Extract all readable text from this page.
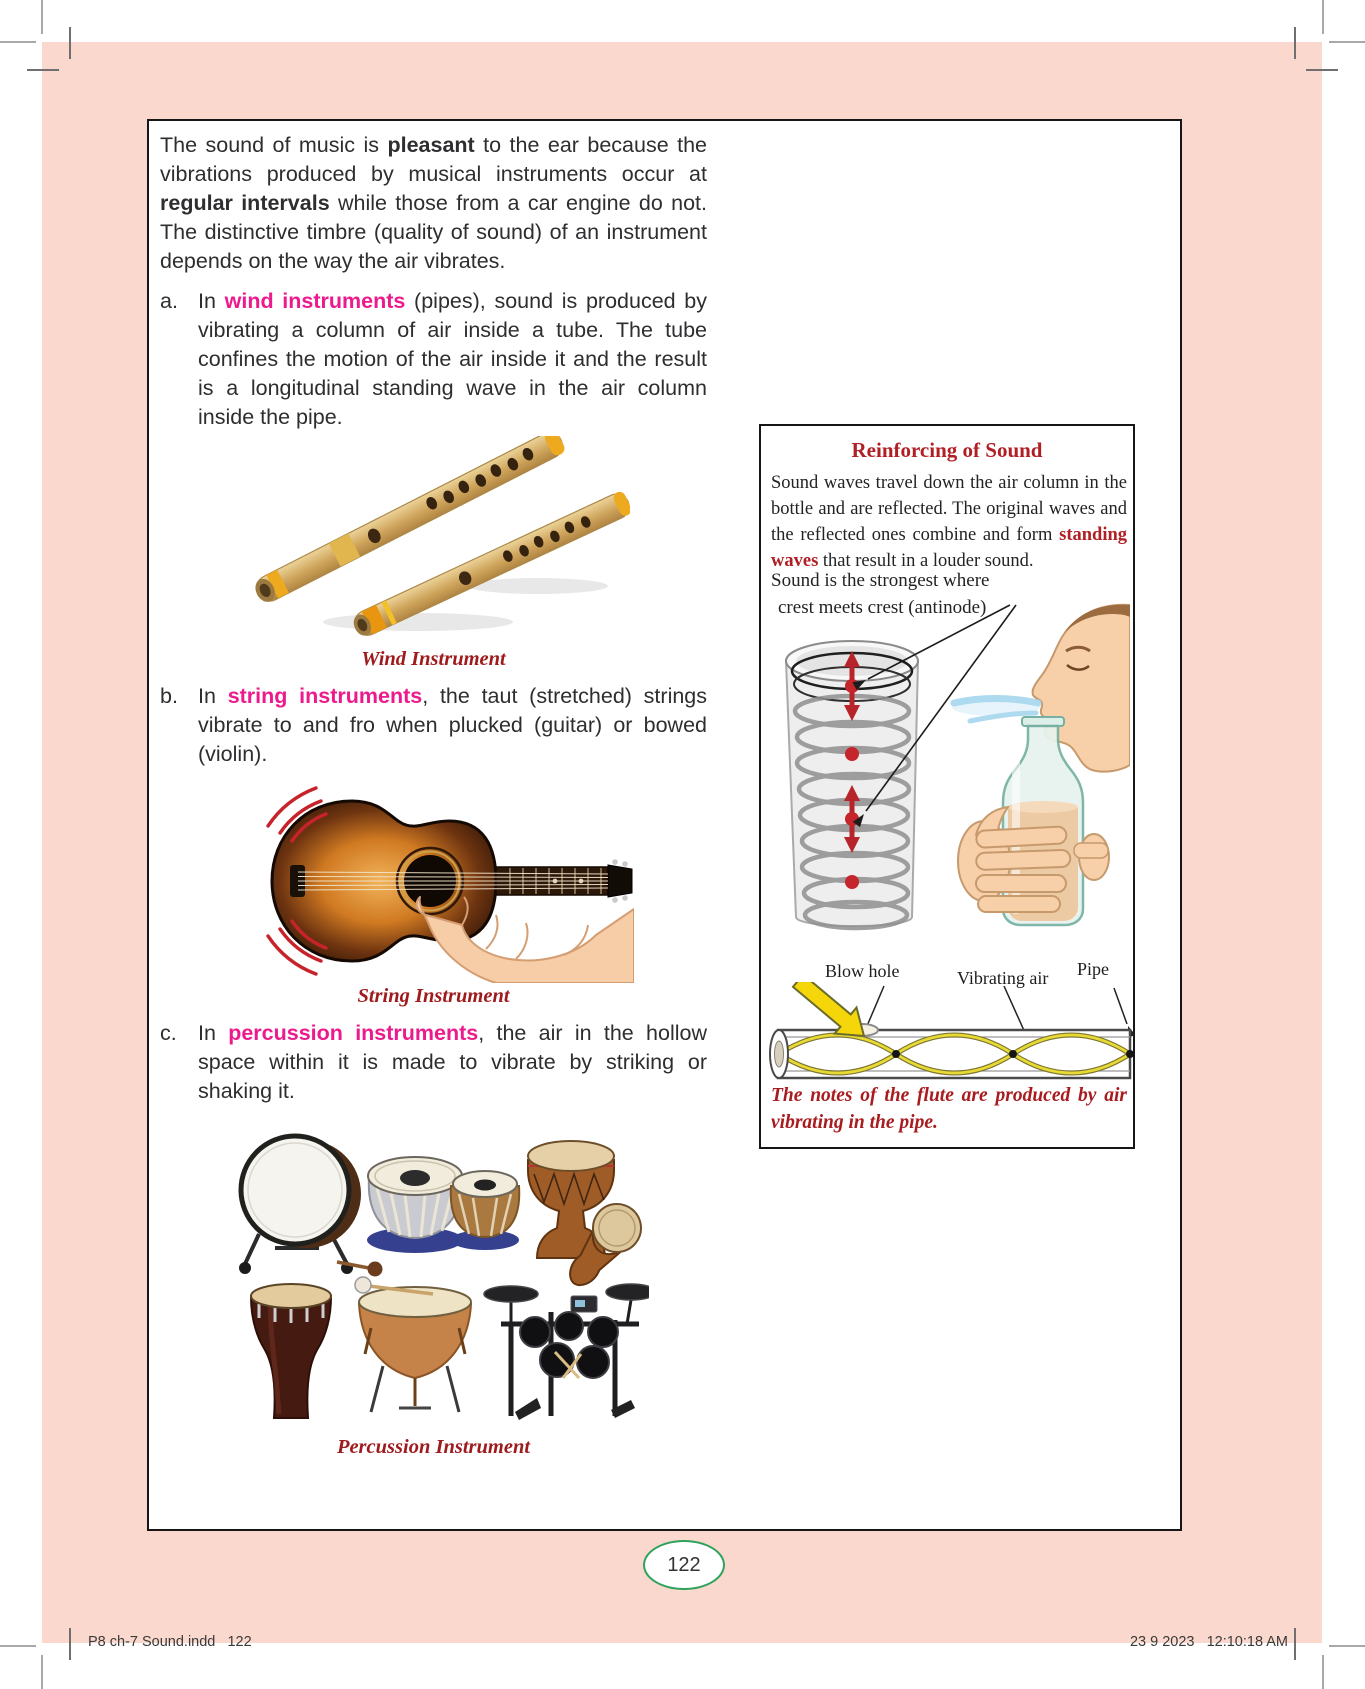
The sound of music is pleasant to the ear because the vibrations produced by musical instruments occur at regular intervals while those from a car engine do not. The distinctive timbre (quality of sound) of an instrument depends on the way the air vibrates.

a. In wind instruments (pipes), sound is produced by vibrating a column of air inside a tube. The tube confines the motion of the air inside it and the result is a longitudinal standing wave in the air column inside the pipe.
Wind Instrument
b. In string instruments, the taut (stretched) strings vibrate to and fro when plucked (guitar) or bowed (violin).
String Instrument
c. In percussion instruments, the air in the hollow space within it is made to vibrate by striking or shaking it.
Percussion Instrument
Reinforcing of Sound
Sound waves travel down the air column in the bottle and are reflected. The original waves and the reflected ones combine and form standing waves that result in a louder sound.
Sound is the strongest where
crest meets crest (antinode)
Blow hole	Vibrating air Pipe
The notes of the flute are produced by air vibrating in the pipe.
122
P8 ch-7 Sound.indd   122	23 9 2023   12:10:18 AM
